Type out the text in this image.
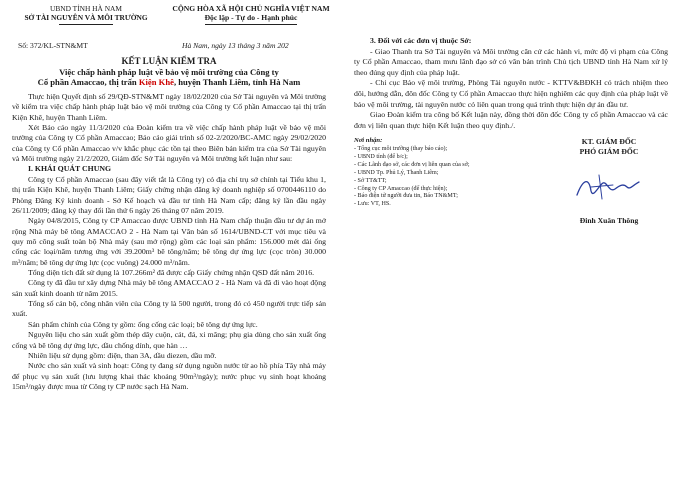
UBND TỈNH HÀ NAM
SỞ TÀI NGUYÊN VÀ MÔI TRƯỜNG
CỘNG HÒA XÃ HỘI CHỦ NGHĨA VIỆT NAM
Độc lập - Tự do - Hạnh phúc
Số: 372/KL-STN&MT	Hà Nam, ngày 13 tháng 3 năm 202
KẾT LUẬN KIỂM TRA
Việc chấp hành pháp luật về bảo vệ môi trường của Công ty
Cổ phần Amaccao, thị trấn Kiện Khê, huyện Thanh Liêm, tỉnh Hà Nam

Thực hiện Quyết định số 29/QĐ-STN&MT ngày 18/02/2020 của Sở Tài nguyên và Môi trường về kiểm tra việc chấp hành pháp luật bảo vệ môi trường của Công ty Cổ phần Amaccao tại thị trấn Kiện Khê, huyện Thanh Liêm.

Xét Báo cáo ngày 11/3/2020 của Đoàn kiểm tra về việc chấp hành pháp luật về bảo vệ môi trường của Công ty Cổ phần Amaccao; Báo cáo giải trình số 02-2/2020/BC-AMC ngày 29/02/2020 của Công ty Cổ phần Amaccao v/v khắc phục các tồn tại theo Biên bản kiểm tra của Sở Tài nguyên và Môi trường ngày 21/2/2020, Giám đốc Sở Tài nguyên và Môi trường kết luận như sau:

I. KHÁI QUÁT CHUNG

Công ty Cổ phần Amaccao (sau đây viết tắt là Công ty) có địa chỉ trụ sở chính tại Tiểu khu 1, thị trấn Kiện Khê, huyện Thanh Liêm; Giấy chứng nhận đăng ký doanh nghiệp số 0700446110 do Phòng Đăng Ký kinh doanh - Sở Kế hoạch và đầu tư tỉnh Hà Nam cấp; đăng ký lần đầu ngày 26/11/2009; đăng ký thay đổi lần thứ 6 ngày 26 tháng 07 năm 2019.

Ngày 04/8/2015, Công ty CP Amaccao được UBND tỉnh Hà Nam chấp thuận đầu tư dự án mở rộng Nhà máy bê tông AMACCAO 2 - Hà Nam tại Văn bản số 1614/UBND-CT với mục tiêu và quy mô công suất toàn bộ Nhà máy (sau mở rộng) gồm các loại sản phẩm: 156.000 mét dài ống cống các loại/năm tương ứng với 39.200m³ bê tông/năm; bê tông dự ứng lực (cọc tròn) 30.000 m³/năm; bê tông dự ứng lực (cọc vuông) 24.000 m³/năm.

Tổng diện tích đất sử dụng là 107.266m² đã được cấp Giấy chứng nhận QSD đất năm 2016.

Công ty đã đầu tư xây dựng Nhà máy bê tông AMACCAO 2 - Hà Nam và đã đi vào hoạt động sản xuất kinh doanh từ năm 2015.

Tổng số cán bộ, công nhân viên của Công ty là 500 người, trong đó có 450 người trực tiếp sản xuất.

Sản phẩm chính của Công ty gồm: ống cống các loại; bê tông dự ứng lực.

Nguyên liệu cho sản xuất gồm thép dây cuộn, cát, đá, xi măng; phụ gia dùng cho sản xuất ống cống và bê tông dự ứng lực, dầu chống dính, que hàn …

Nhiên liệu sử dụng gồm: điện, than 3A, dầu diezen, dầu mỡ.

Nước cho sản xuất và sinh hoạt: Công ty đang sử dụng nguồn nước từ ao hồ phía Tây nhà máy để phục vụ sản xuất (lưu lượng khai thác khoảng 90m³/ngày); nước phục vụ sinh hoạt khoảng 15m³/ngày được mua từ Công ty CP nước sạch Hà Nam.

3. Đối với các đơn vị thuộc Sở:

- Giao Thanh tra Sở Tài nguyên và Môi trường căn cứ các hành vi, mức độ vi phạm của Công ty Cổ phần Amaccao, tham mưu lãnh đạo sở có văn bản trình Chủ tịch UBND tỉnh Hà Nam xử lý theo đúng quy định của pháp luật.

- Chi cục Bảo vệ môi trường, Phòng Tài nguyên nước - KTTV&BĐKH có trách nhiệm theo dõi, hướng dẫn, đôn đốc Công ty Cổ phần Amaccao thực hiện nghiêm các quy định của pháp luật về bảo vệ môi trường, tài nguyên nước có liên quan trong quá trình thực hiện dự án đầu tư.

Giao Đoàn kiểm tra công bố Kết luận này, đồng thời đôn đốc Công ty cổ phần Amaccao và các đơn vị liên quan thực hiện Kết luận theo quy định./.

Nơi nhận:
- Tổng cục môi trường (thay báo cáo);
- UBND tỉnh (để b/c);
- Các Lãnh đạo sở, các đơn vị liên quan của sở;
- UBND Tp. Phủ Lý, Thanh Liêm;
- Sở TT&TT;
- Công ty CP Amaccao (để thực hiện);
- Báo điện tử người đưa tin, Báo TN&MT;
- Lưu: VT, HS.
KT. GIÁM ĐỐC
PHÓ GIÁM ĐỐC
Đinh Xuân Thông
